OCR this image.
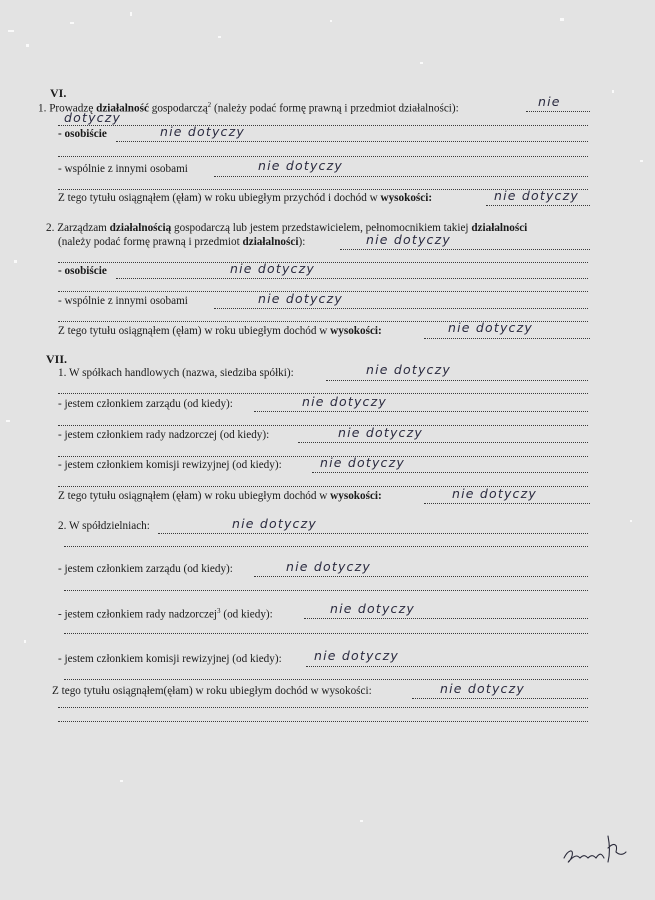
VI.
1. Prowadzę działalność gospodarczą$^2$ (należy podać formę prawną i przedmiot działalności):	nie
dotyczy
- osobiście	nie dotyczy
- wspólnie z innymi osobami	nie dotyczy
Z tego tytułu osiągnąłem (ęłam) w roku ubiegłym przychód i dochód w wysokości:	nie dotyczy
2. Zarządzam działalnością gospodarczą lub jestem przedstawicielem, pełnomocnikiem takiej działalności
(należy podać formę prawną i przedmiot działalności):	nie dotyczy
- osobiście	nie dotyczy
- wspólnie z innymi osobami	nie dotyczy
Z tego tytułu osiągnąłem (ęłam) w roku ubiegłym dochód w wysokości:	nie dotyczy
VII.
1. W spółkach handlowych (nazwa, siedziba spółki):	nie dotyczy
- jestem członkiem zarządu (od kiedy):	nie dotyczy
- jestem członkiem rady nadzorczej (od kiedy):	nie dotyczy
- jestem członkiem komisji rewizyjnej (od kiedy):	nie dotyczy
Z tego tytułu osiągnąłem (ęłam) w roku ubiegłym dochód w wysokości:	nie dotyczy
2. W spółdzielniach:	nie dotyczy
- jestem członkiem zarządu (od kiedy):	nie dotyczy
- jestem członkiem rady nadzorczej$^3$ (od kiedy):	nie dotyczy
- jestem członkiem komisji rewizyjnej (od kiedy):	nie dotyczy
Z tego tytułu osiągnąłem(ęłam) w roku ubiegłym dochód w wysokości:	nie dotyczy
